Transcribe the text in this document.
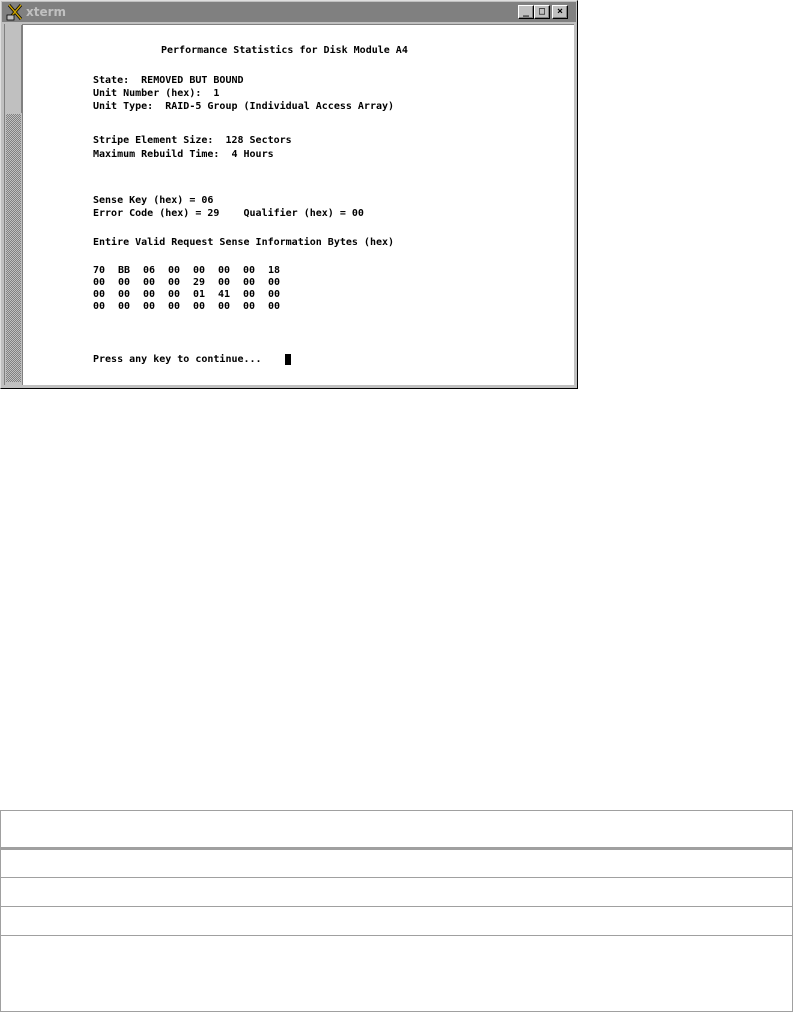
xterm	_ □	×
Performance Statistics for Disk Module A4
State:  REMOVED BUT BOUND
Unit Number (hex):  1
Unit Type:  RAID-5 Group (Individual Access Array)
Stripe Element Size:  128 Sectors
Maximum Rebuild Time:  4 Hours
Sense Key (hex) = 06
Error Code (hex) = 29    Qualifier (hex) = 00
Entire Valid Request Sense Information Bytes (hex)
70	BB	06	00	00	00	00	18
00	00	00	00	29	00	00	00
00	00	00	00	01	41	00	00
00	00	00	00	00	00	00	00
Press any key to continue...
